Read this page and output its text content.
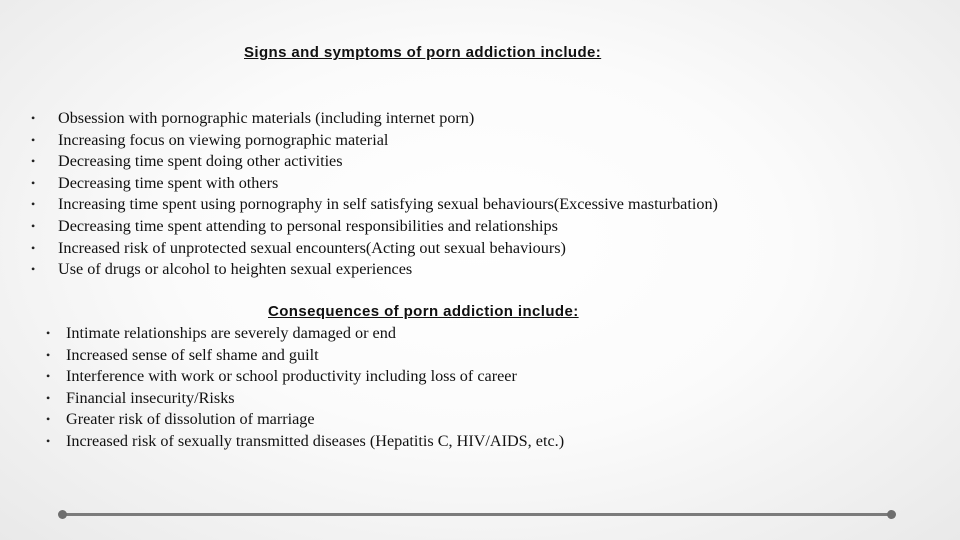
Signs and symptoms of porn addiction include:
• Obsession with pornographic materials (including internet porn)
• Increasing focus on viewing pornographic material
• Decreasing time spent doing other activities
• Decreasing time spent with others
• Increasing time spent using pornography in self satisfying sexual behaviours(Excessive masturbation)
• Decreasing time spent attending to personal responsibilities and relationships
• Increased risk of unprotected sexual encounters(Acting out sexual behaviours)
• Use of drugs or alcohol to heighten sexual experiences
Consequences of porn addiction include:
• Intimate relationships are severely damaged or end
• Increased sense of self shame and guilt
• Interference with work or school productivity including loss of career
• Financial insecurity/Risks
• Greater risk of dissolution of marriage
• Increased risk of sexually transmitted diseases (Hepatitis C, HIV/AIDS, etc.)
